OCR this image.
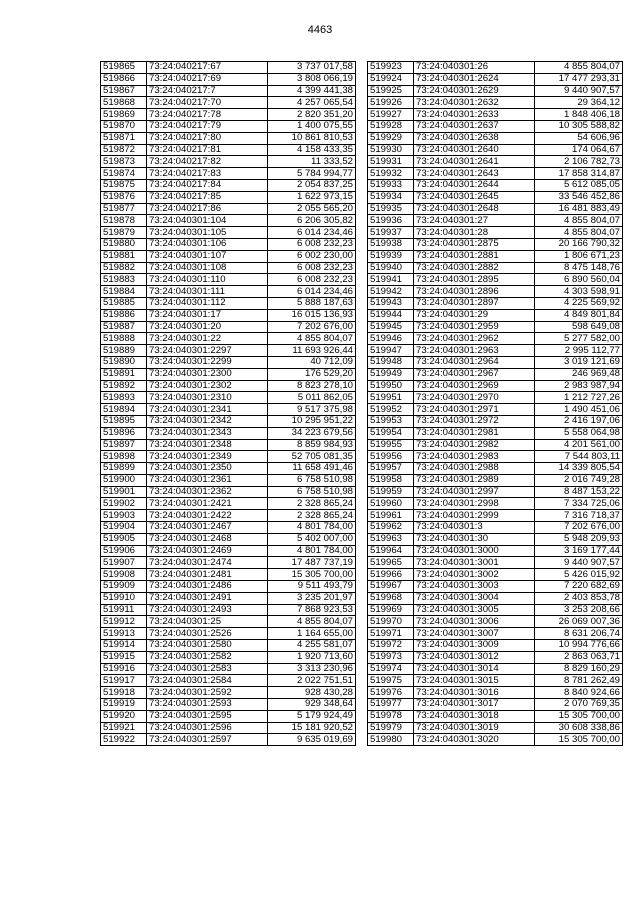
4463
519865	73:24:040217:67	3 737 017,58
519866	73:24:040217:69	3 808 066,19
519867	73:24:040217:7	4 399 441,38
519868	73:24:040217:70	4 257 065,54
519869	73:24:040217:78	2 820 351,20
519870	73:24:040217:79	1 400 075,55
519871	73:24:040217:80	10 861 810,53
519872	73:24:040217:81	4 158 433,35
519873	73:24:040217:82	11 333,52
519874	73:24:040217:83	5 784 994,77
519875	73:24:040217:84	2 054 837,25
519876	73:24:040217:85	1 622 973,15
519877	73:24:040217:86	2 055 565,20
519878	73:24:040301:104	6 206 305,82
519879	73:24:040301:105	6 014 234,46
519880	73:24:040301:106	6 008 232,23
519881	73:24:040301:107	6 002 230,00
519882	73:24:040301:108	6 008 232,23
519883	73:24:040301:110	6 008 232,23
519884	73:24:040301:111	6 014 234,46
519885	73:24:040301:112	5 888 187,63
519886	73:24:040301:17	16 015 136,93
519887	73:24:040301:20	7 202 676,00
519888	73:24:040301:22	4 855 804,07
519889	73:24:040301:2297	11 693 926,44
519890	73:24:040301:2299	40 712,09
519891	73:24:040301:2300	176 529,20
519892	73:24:040301:2302	8 823 278,10
519893	73:24:040301:2310	5 011 862,05
519894	73:24:040301:2341	9 517 375,98
519895	73:24:040301:2342	10 295 951,22
519896	73:24:040301:2343	34 223 679,56
519897	73:24:040301:2348	8 859 984,93
519898	73:24:040301:2349	52 705 081,35
519899	73:24:040301:2350	11 658 491,46
519900	73:24:040301:2361	6 758 510,98
519901	73:24:040301:2362	6 758 510,98
519902	73:24:040301:2421	2 328 865,24
519903	73:24:040301:2422	2 328 865,24
519904	73:24:040301:2467	4 801 784,00
519905	73:24:040301:2468	5 402 007,00
519906	73:24:040301:2469	4 801 784,00
519907	73:24:040301:2474	17 487 737,19
519908	73:24:040301:2481	15 305 700,00
519909	73:24:040301:2486	9 511 493,79
519910	73:24:040301:2491	3 235 201,97
519911	73:24:040301:2493	7 868 923,53
519912	73:24:040301:25	4 855 804,07
519913	73:24:040301:2526	1 164 655,00
519914	73:24:040301:2580	4 255 581,07
519915	73:24:040301:2582	1 920 713,60
519916	73:24:040301:2583	3 313 230,96
519917	73:24:040301:2584	2 022 751,51
519918	73:24:040301:2592	928 430,28
519919	73:24:040301:2593	929 348,64
519920	73:24:040301:2595	5 179 924,49
519921	73:24:040301:2596	15 181 920,52
519922	73:24:040301:2597	9 635 019,69
519923	73:24:040301:26	4 855 804,07
519924	73:24:040301:2624	17 477 293,31
519925	73:24:040301:2629	9 440 907,57
519926	73:24:040301:2632	29 364,12
519927	73:24:040301:2633	1 848 406,18
519928	73:24:040301:2637	10 305 588,82
519929	73:24:040301:2638	54 606,96
519930	73:24:040301:2640	174 064,67
519931	73:24:040301:2641	2 106 782,73
519932	73:24:040301:2643	17 858 314,87
519933	73:24:040301:2644	5 612 085,05
519934	73:24:040301:2645	33 546 452,86
519935	73:24:040301:2648	16 481 883,49
519936	73:24:040301:27	4 855 804,07
519937	73:24:040301:28	4 855 804,07
519938	73:24:040301:2875	20 166 790,32
519939	73:24:040301:2881	1 806 671,23
519940	73:24:040301:2882	8 475 148,76
519941	73:24:040301:2895	6 890 560,04
519942	73:24:040301:2896	4 303 598,91
519943	73:24:040301:2897	4 225 569,92
519944	73:24:040301:29	4 849 801,84
519945	73:24:040301:2959	598 649,08
519946	73:24:040301:2962	5 277 582,00
519947	73:24:040301:2963	2 995 112,77
519948	73:24:040301:2964	3 019 121,69
519949	73:24:040301:2967	246 969,48
519950	73:24:040301:2969	2 983 987,94
519951	73:24:040301:2970	1 212 727,26
519952	73:24:040301:2971	1 490 451,06
519953	73:24:040301:2972	2 416 197,06
519954	73:24:040301:2981	5 558 064,98
519955	73:24:040301:2982	4 201 561,00
519956	73:24:040301:2983	7 544 803,11
519957	73:24:040301:2988	14 339 805,54
519958	73:24:040301:2989	2 016 749,28
519959	73:24:040301:2997	8 487 153,22
519960	73:24:040301:2998	7 334 725,06
519961	73:24:040301:2999	7 316 718,37
519962	73:24:040301:3	7 202 676,00
519963	73:24:040301:30	5 948 209,93
519964	73:24:040301:3000	3 169 177,44
519965	73:24:040301:3001	9 440 907,57
519966	73:24:040301:3002	5 426 015,92
519967	73:24:040301:3003	7 220 682,69
519968	73:24:040301:3004	2 403 853,78
519969	73:24:040301:3005	3 253 208,66
519970	73:24:040301:3006	26 069 007,36
519971	73:24:040301:3007	8 631 206,74
519972	73:24:040301:3009	10 994 776,66
519973	73:24:040301:3012	2 863 063,71
519974	73:24:040301:3014	8 829 160,29
519975	73:24:040301:3015	8 781 262,49
519976	73:24:040301:3016	8 840 924,66
519977	73:24:040301:3017	2 070 769,35
519978	73:24:040301:3018	15 305 700,00
519979	73:24:040301:3019	30 608 338,86
519980	73:24:040301:3020	15 305 700,00
